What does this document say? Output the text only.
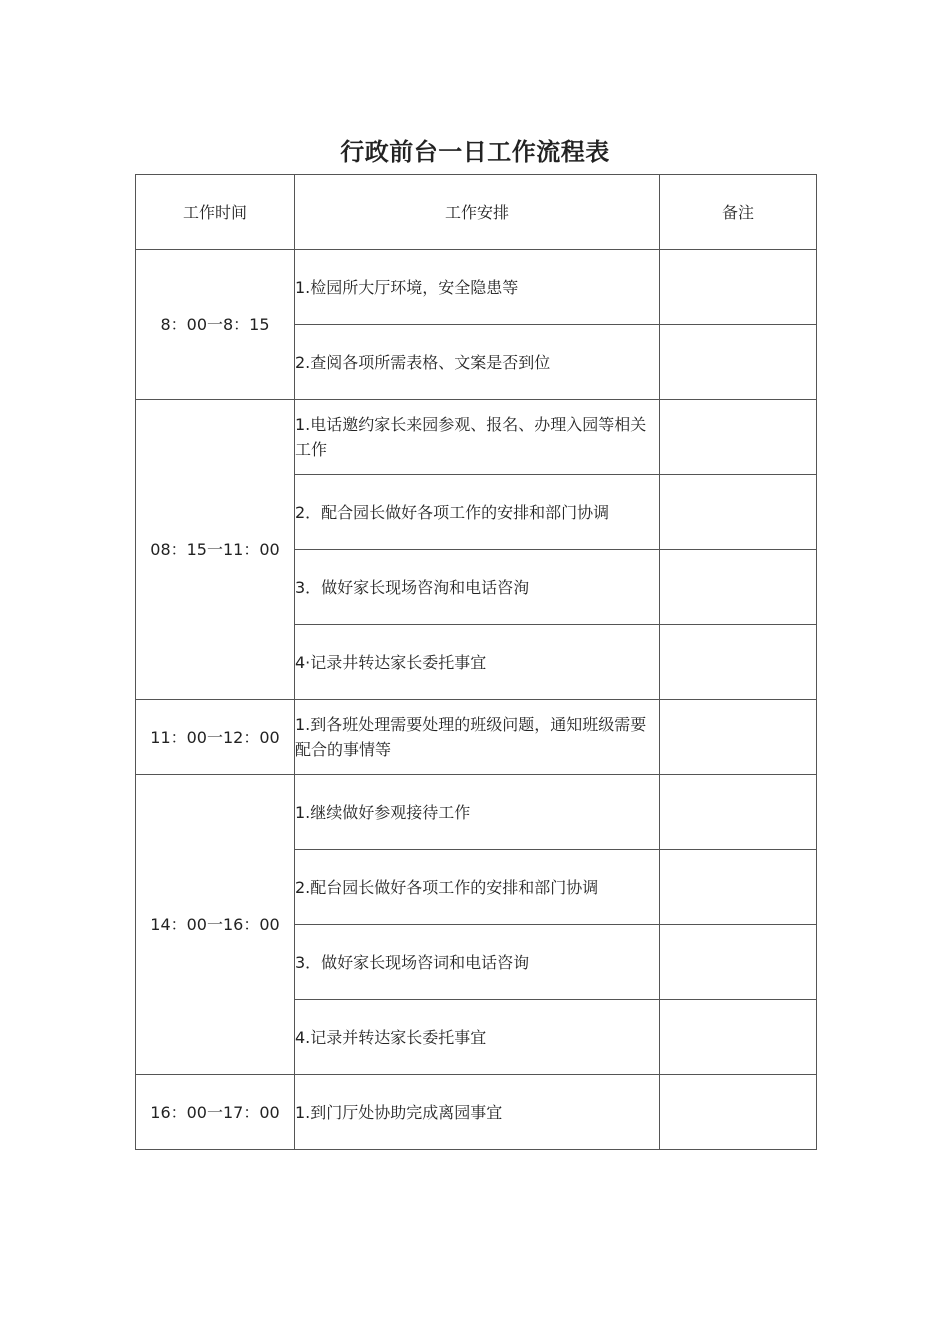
行政前台一日工作流程表
工作时间	工作安排	备注
8：00一8：15	1.检园所大厅环境，安全隐患等	
	2.查阅各项所需表格、文案是否到位	
08：15一11：00	1.电话邀约家长来园参观、报名、办理入园等相关工作	
	2．配合园长做好各项工作的安排和部门协调	
	3．做好家长现场咨洵和电话咨洵	
	4·记录井转达家长委托事宜	
11：00一12：00	1.到各班处理需要处理的班级问题，通知班级需要配合的事情等	
14：00一16：00	1.继续做好参观接待工作	
	2.配台园长做好各项工作的安排和部门协调	
	3．做好家长现场咨词和电话咨询	
	4.记录并转达家长委托事宜	
16：00一17：00	1.到门厅处协助完成离园事宜	
